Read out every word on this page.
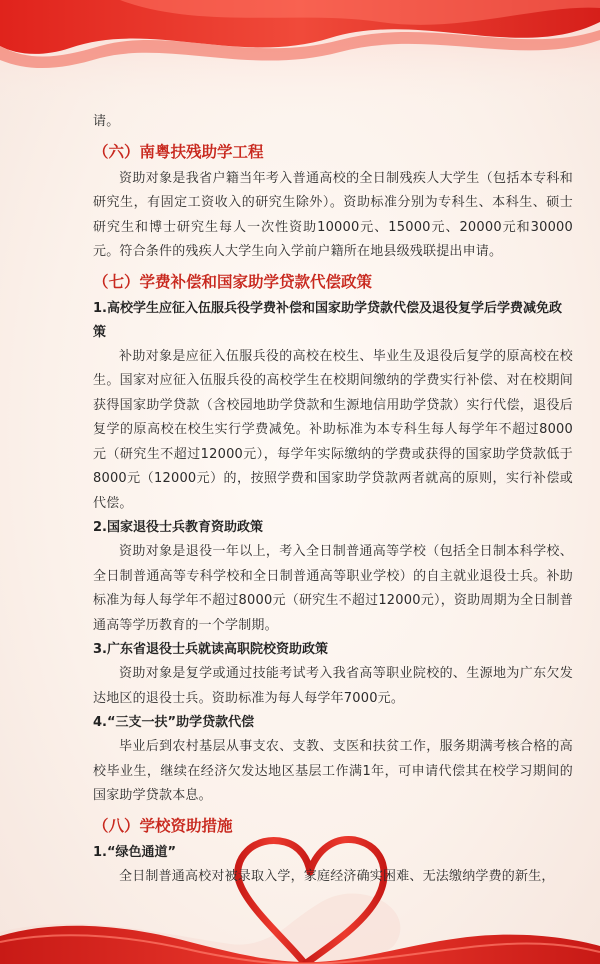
请。

（六）南粤扶残助学工程

资助对象是我省户籍当年考入普通高校的全日制残疾人大学生（包括本专科和研究生，有固定工资收入的研究生除外）。资助标准分别为专科生、本科生、硕士研究生和博士研究生每人一次性资助10000元、15000元、20000元和30000元。符合条件的残疾人大学生向入学前户籍所在地县级残联提出申请。

（七）学费补偿和国家助学贷款代偿政策

1.高校学生应征入伍服兵役学费补偿和国家助学贷款代偿及退役复学后学费减免政策

补助对象是应征入伍服兵役的高校在校生、毕业生及退役后复学的原高校在校生。国家对应征入伍服兵役的高校学生在校期间缴纳的学费实行补偿、对在校期间获得国家助学贷款（含校园地助学贷款和生源地信用助学贷款）实行代偿，退役后复学的原高校在校生实行学费减免。补助标准为本专科生每人每学年不超过8000元（研究生不超过12000元），每学年实际缴纳的学费或获得的国家助学贷款低于8000元（12000元）的，按照学费和国家助学贷款两者就高的原则，实行补偿或代偿。

2.国家退役士兵教育资助政策

资助对象是退役一年以上，考入全日制普通高等学校（包括全日制本科学校、全日制普通高等专科学校和全日制普通高等职业学校）的自主就业退役士兵。补助标准为每人每学年不超过8000元（研究生不超过12000元），资助周期为全日制普通高等学历教育的一个学制期。

3.广东省退役士兵就读高职院校资助政策

资助对象是复学或通过技能考试考入我省高等职业院校的、生源地为广东欠发达地区的退役士兵。资助标准为每人每学年7000元。

4.“三支一扶”助学贷款代偿

毕业后到农村基层从事支农、支教、支医和扶贫工作，服务期满考核合格的高校毕业生，继续在经济欠发达地区基层工作满1年，可申请代偿其在校学习期间的国家助学贷款本息。

（八）学校资助措施

1.“绿色通道”

全日制普通高校对被录取入学，家庭经济确实困难、无法缴纳学费的新生，
